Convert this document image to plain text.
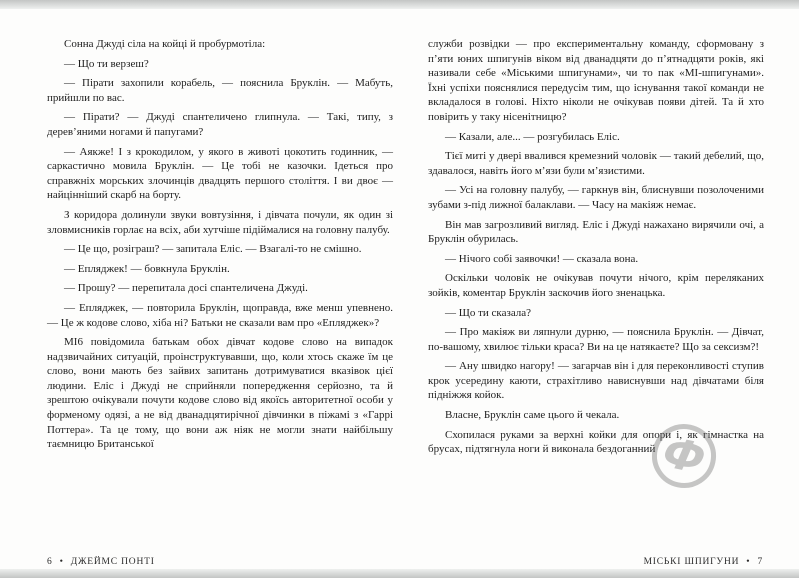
Сонна Джуді сіла на койці й пробурмотіла:

— Що ти верзеш?

— Пірати захопили корабель, — пояснила Бруклін. — Мабуть, прийшли по вас.

— Пірати? — Джуді спантеличено глипнула. — Такі, типу, з дерев’яними ногами й папугами?

— Аякже! І з крокодилом, у якого в животі цокотить годинник, — саркастично мовила Бруклін. — Це тобі не казочки. Ідеться про справжніх морських злочинців двадцять першого століття. І ви двоє — найцінніший скарб на борту.

З коридора долинули звуки вовтузіння, і дівчата почули, як один зі зловмисників горлає на всіх, аби хутчіше підіймалися на головну палубу.

— Це що, розіграш? — запитала Еліс. — Взагалі-то не смішно.

— Епляджек! — бовкнула Бруклін.

— Прошу? — перепитала досі спантеличена Джуді.

— Епляджек, — повторила Бруклін, щоправда, вже менш упевнено. — Це ж кодове слово, хіба ні? Батьки не сказали вам про «Епляджек»?

МІ6 повідомила батькам обох дівчат кодове слово на випадок надзвичайних ситуацій, проінструктувавши, що, коли хтось скаже їм це слово, вони мають без зайвих запитань дотримуватися вказівок цієї людини. Еліс і Джуді не сприйняли попередження серйозно, та й зрештою очікували почути кодове слово від якоїсь авторитетної особи у форменому одязі, а не від дванадцятирічної дівчинки в піжамі з «Гаррі Поттера». Та це тому, що вони аж ніяк не могли знати найбільшу таємницю Британської

служби розвідки — про експериментальну команду, сформовану з п’яти юних шпигунів віком від дванадцяти до п’ятнадцяти років, які називали себе «Міськими шпигунами», чи то пак «МІ-шпигунами». Їхні успіхи пояснялися передусім тим, що існування такої команди не вкладалося в голові. Ніхто ніколи не очікував появи дітей. Та й хто повірить у таку нісенітницю?

— Казали, але... — розгубилась Еліс.

Тієї миті у двері ввалився кремезний чоловік — такий дебелий, що, здавалося, навіть його м’язи були м’язистими.

— Усі на головну палубу, — гаркнув він, блиснувши позолоченими зубами з-під лижної балаклави. — Часу на макіяж немає.

Він мав загрозливий вигляд. Еліс і Джуді нажахано вирячили очі, а Бруклін обурилась.

— Нічого собі заявочки! — сказала вона.

Оскільки чоловік не очікував почути нічого, крім переляканих зойків, коментар Бруклін заскочив його зненацька.

— Що ти сказала?

— Про макіяж ви ляпнули дурню, — пояснила Бруклін. — Дівчат, по-вашому, хвилює тільки краса? Ви на це натякаєте? Що за сексизм?!

— Ану швидко нагору! — загарчав він і для переконливості ступив крок усередину каюти, страхітливо нависнувши над дівчатами біля підніжжя койок.

Власне, Бруклін саме цього й чекала.

Схопилася руками за верхні койки для опори і, як гімнастка на брусах, підтягнула ноги й виконала бездоганний

6 • ДЖЕЙМС ПОНТІ	МІСЬКІ ШПИГУНИ • 7
Ф
